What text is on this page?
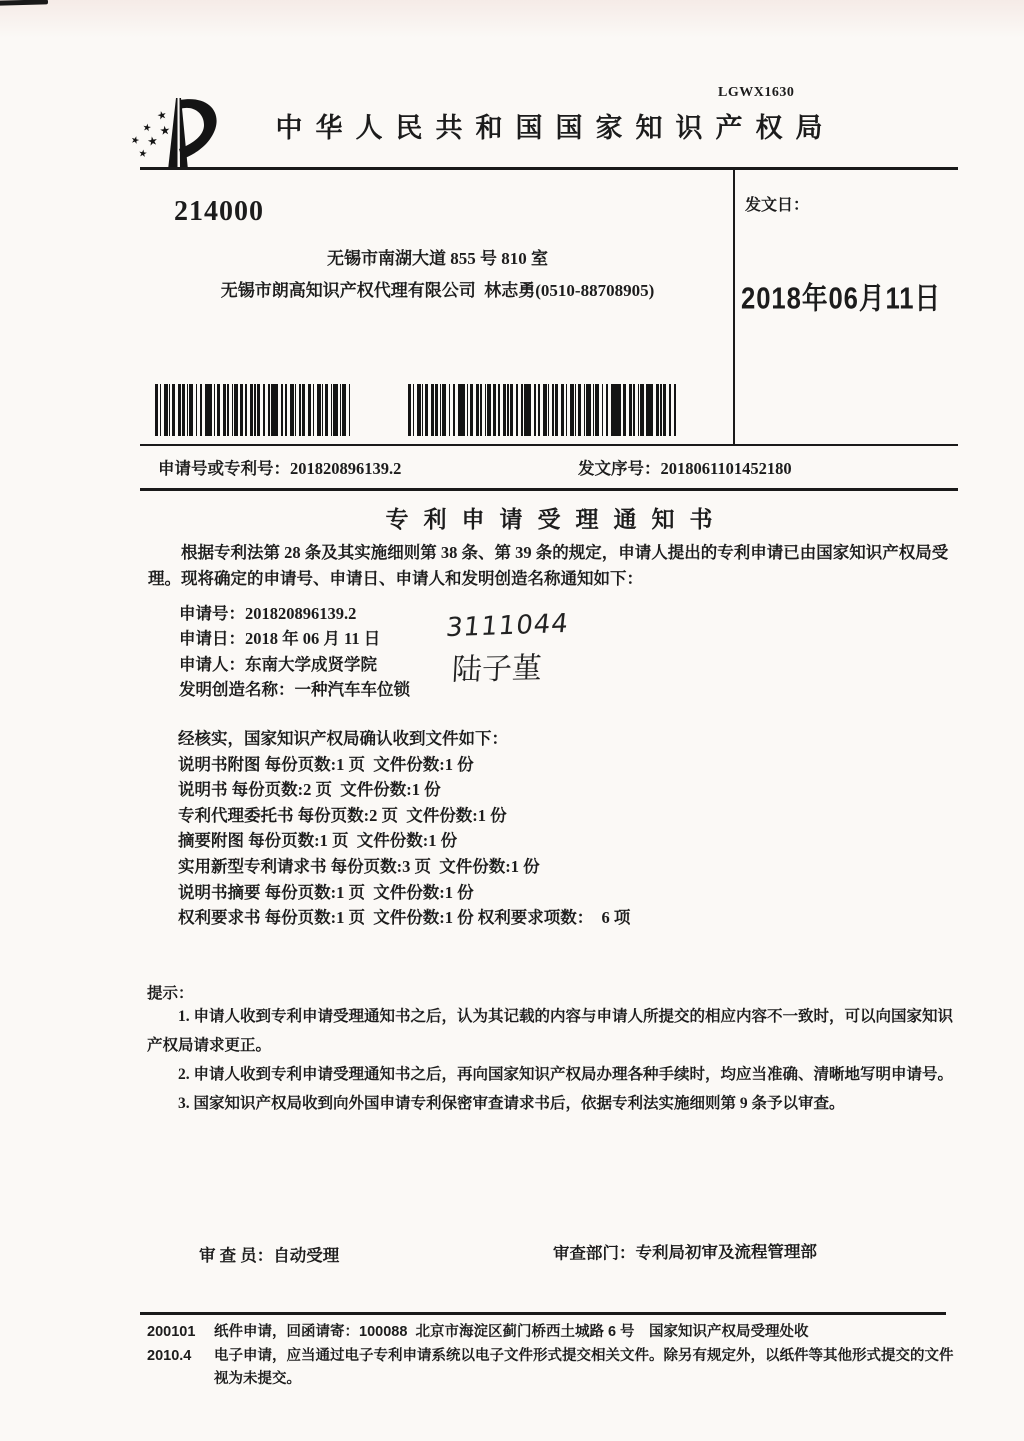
LGWX1630
★
★ ★
★ ★
★
中华人民共和国国家知识产权局
214000
无锡市南湖大道 855 号 810 室
无锡市朗高知识产权代理有限公司  林志勇(0510-88708905)
发文日：
2018年06月11日
申请号或专利号：201820896139.2	发文序号：2018061101452180
专利申请受理通知书
根据专利法第 28 条及其实施细则第 38 条、第 39 条的规定，申请人提出的专利申请已由国家知识产权局受理。现将确定的申请号、申请日、申请人和发明创造名称通知如下：
申请号：201820896139.2
申请日：2018 年 06 月 11 日
申请人：东南大学成贤学院
发明创造名称：一种汽车车位锁
3111044
陆子堇
经核实，国家知识产权局确认收到文件如下：
说明书附图 每份页数:1 页  文件份数:1 份
说明书 每份页数:2 页  文件份数:1 份
专利代理委托书 每份页数:2 页  文件份数:1 份
摘要附图 每份页数:1 页  文件份数:1 份
实用新型专利请求书 每份页数:3 页  文件份数:1 份
说明书摘要 每份页数:1 页  文件份数:1 份
权利要求书 每份页数:1 页  文件份数:1 份 权利要求项数：  6 项
提示：

1. 申请人收到专利申请受理通知书之后，认为其记载的内容与申请人所提交的相应内容不一致时，可以向国家知识产权局请求更正。

2. 申请人收到专利申请受理通知书之后，再向国家知识产权局办理各种手续时，均应当准确、清晰地写明申请号。

3. 国家知识产权局收到向外国申请专利保密审查请求书后，依据专利法实施细则第 9 条予以审查。

审 查 员：自动受理	审查部门：专利局初审及流程管理部
200101
2010.4

纸件申请，回函请寄：100088  北京市海淀区蓟门桥西土城路 6 号　国家知识产权局受理处收

电子申请，应当通过电子专利申请系统以电子文件形式提交相关文件。除另有规定外，以纸件等其他形式提交的文件视为未提交。
